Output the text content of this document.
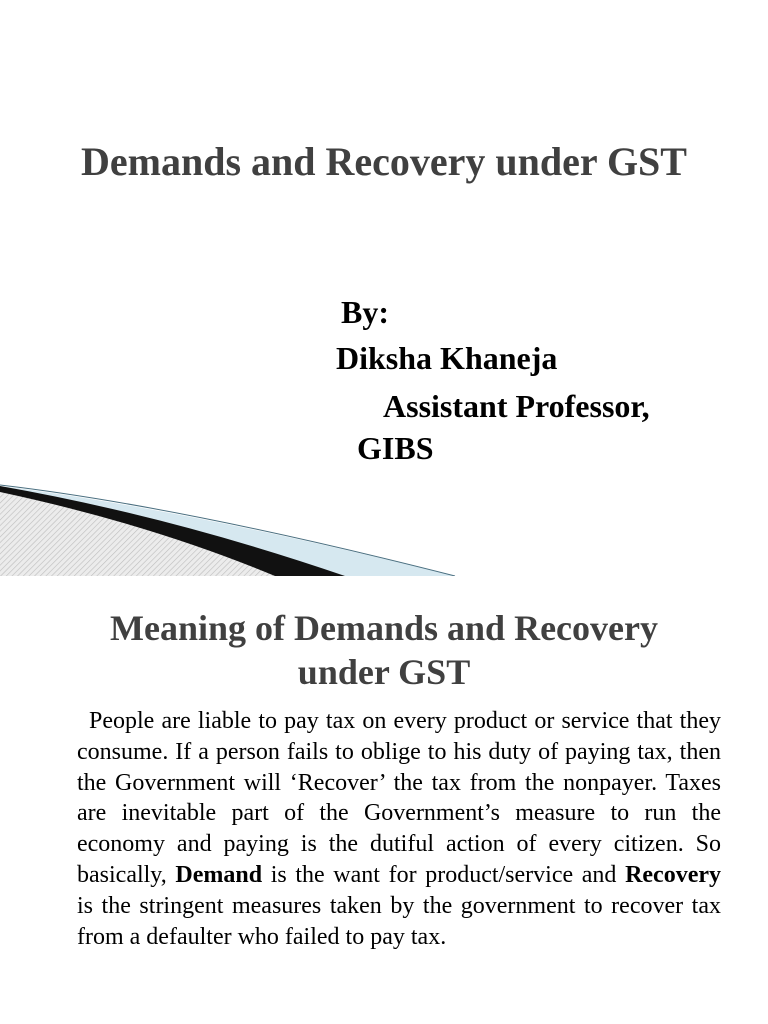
Demands and Recovery under GST
By:
Diksha Khaneja
Assistant Professor,
GIBS
Meaning of Demands and Recovery
under GST

People are liable to pay tax on every product or service that they consume. If a person fails to oblige to his duty of paying tax, then the Government will ‘Recover’ the tax from the nonpayer. Taxes are inevitable part of the Government’s measure to run the economy and paying is the dutiful action of every citizen. So basically, Demand is the want for product/service and Recovery is the stringent measures taken by the government to recover tax from a defaulter who failed to pay tax.
